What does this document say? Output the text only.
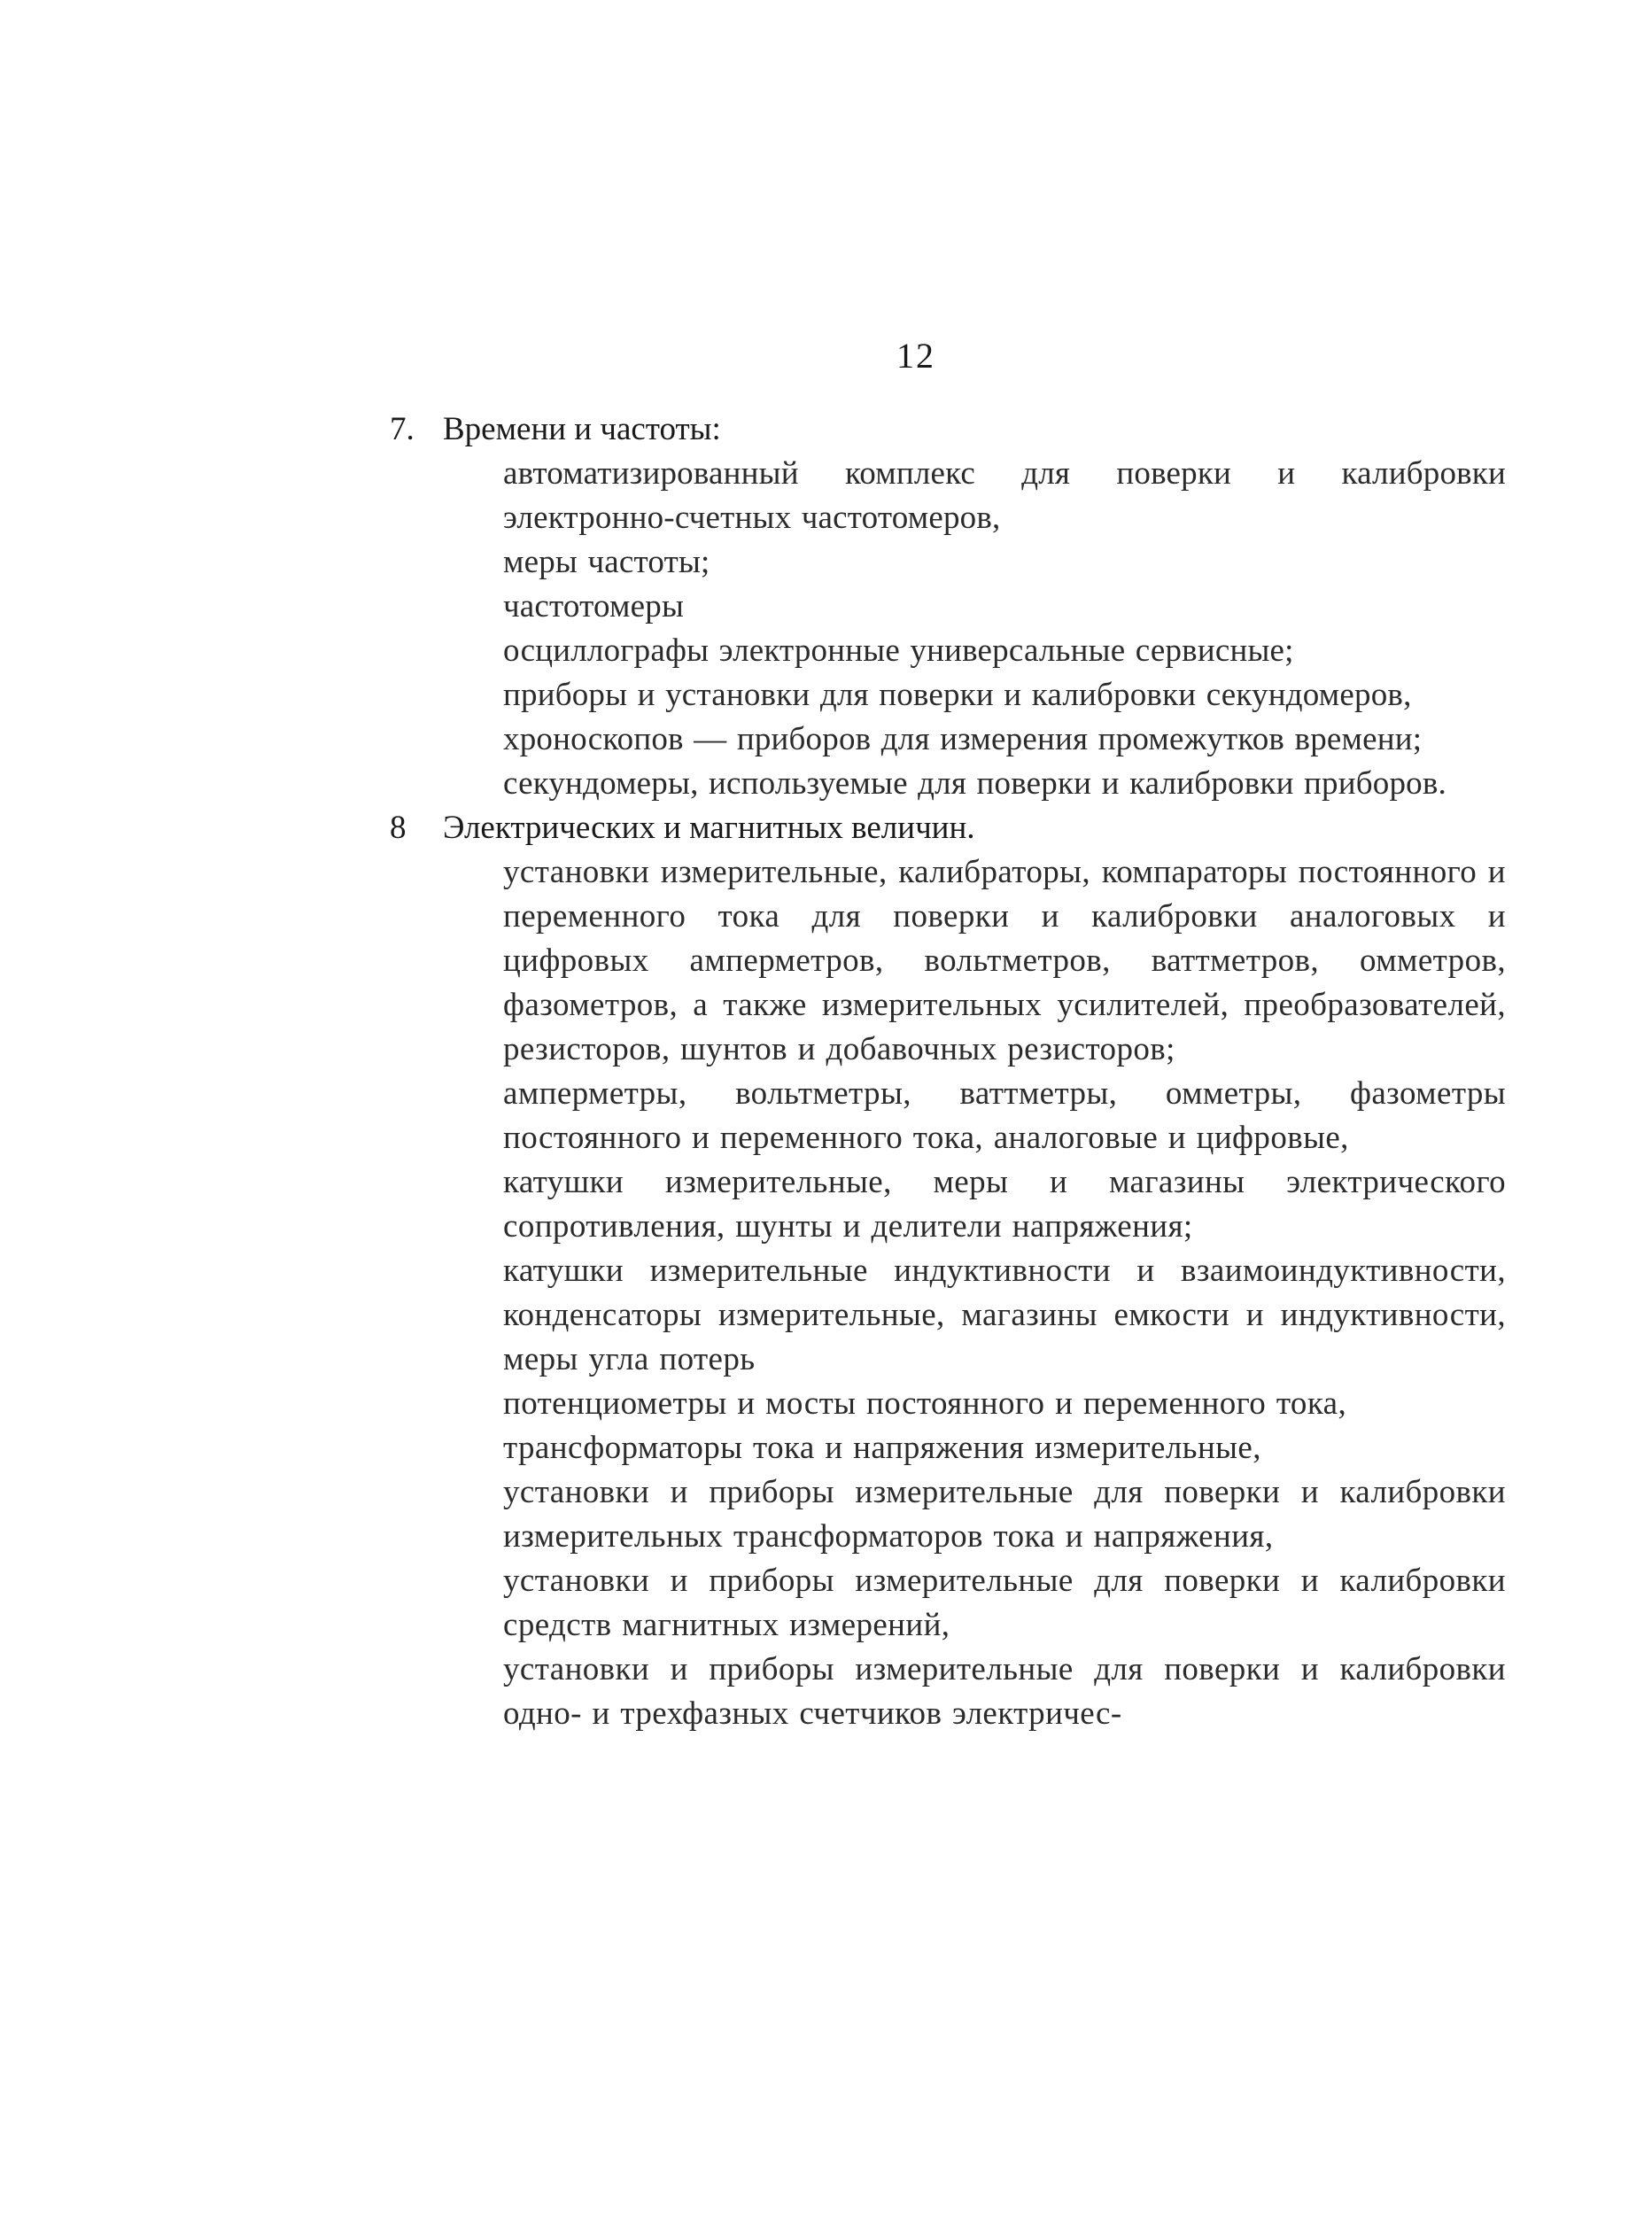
12
7. Времени и частоты:
автоматизированный комплекс для поверки и калибровки электронно-счетных частотомеров,
меры частоты;
частотомеры
осциллографы электронные универсальные сервисные;
приборы и установки для поверки и калибровки секундомеров,
хроноскопов — приборов для измерения промежутков времени;
секундомеры, используемые для поверки и калибровки приборов.
8 Электрических и магнитных величин.
установки измерительные, калибраторы, компараторы постоянного и переменного тока для поверки и калибровки аналоговых и цифровых амперметров, вольтметров, ваттметров, омметров, фазометров, а также измерительных усилителей, преобразователей, резисторов, шунтов и добавочных резисторов;
амперметры, вольтметры, ваттметры, омметры, фазометры постоянного и переменного тока, аналоговые и цифровые,
катушки измерительные, меры и магазины электрического сопротивления, шунты и делители напряжения;
катушки измерительные индуктивности и взаимоиндуктивности, конденсаторы измерительные, магазины емкости и индуктивности, меры угла потерь
потенциометры и мосты постоянного и переменного тока,
трансформаторы тока и напряжения измерительные,
установки и приборы измерительные для поверки и калибровки измерительных трансформаторов тока и напряжения,
установки и приборы измерительные для поверки и калибровки средств магнитных измерений,
установки и приборы измерительные для поверки и калибровки одно- и трехфазных счетчиков электричес-
